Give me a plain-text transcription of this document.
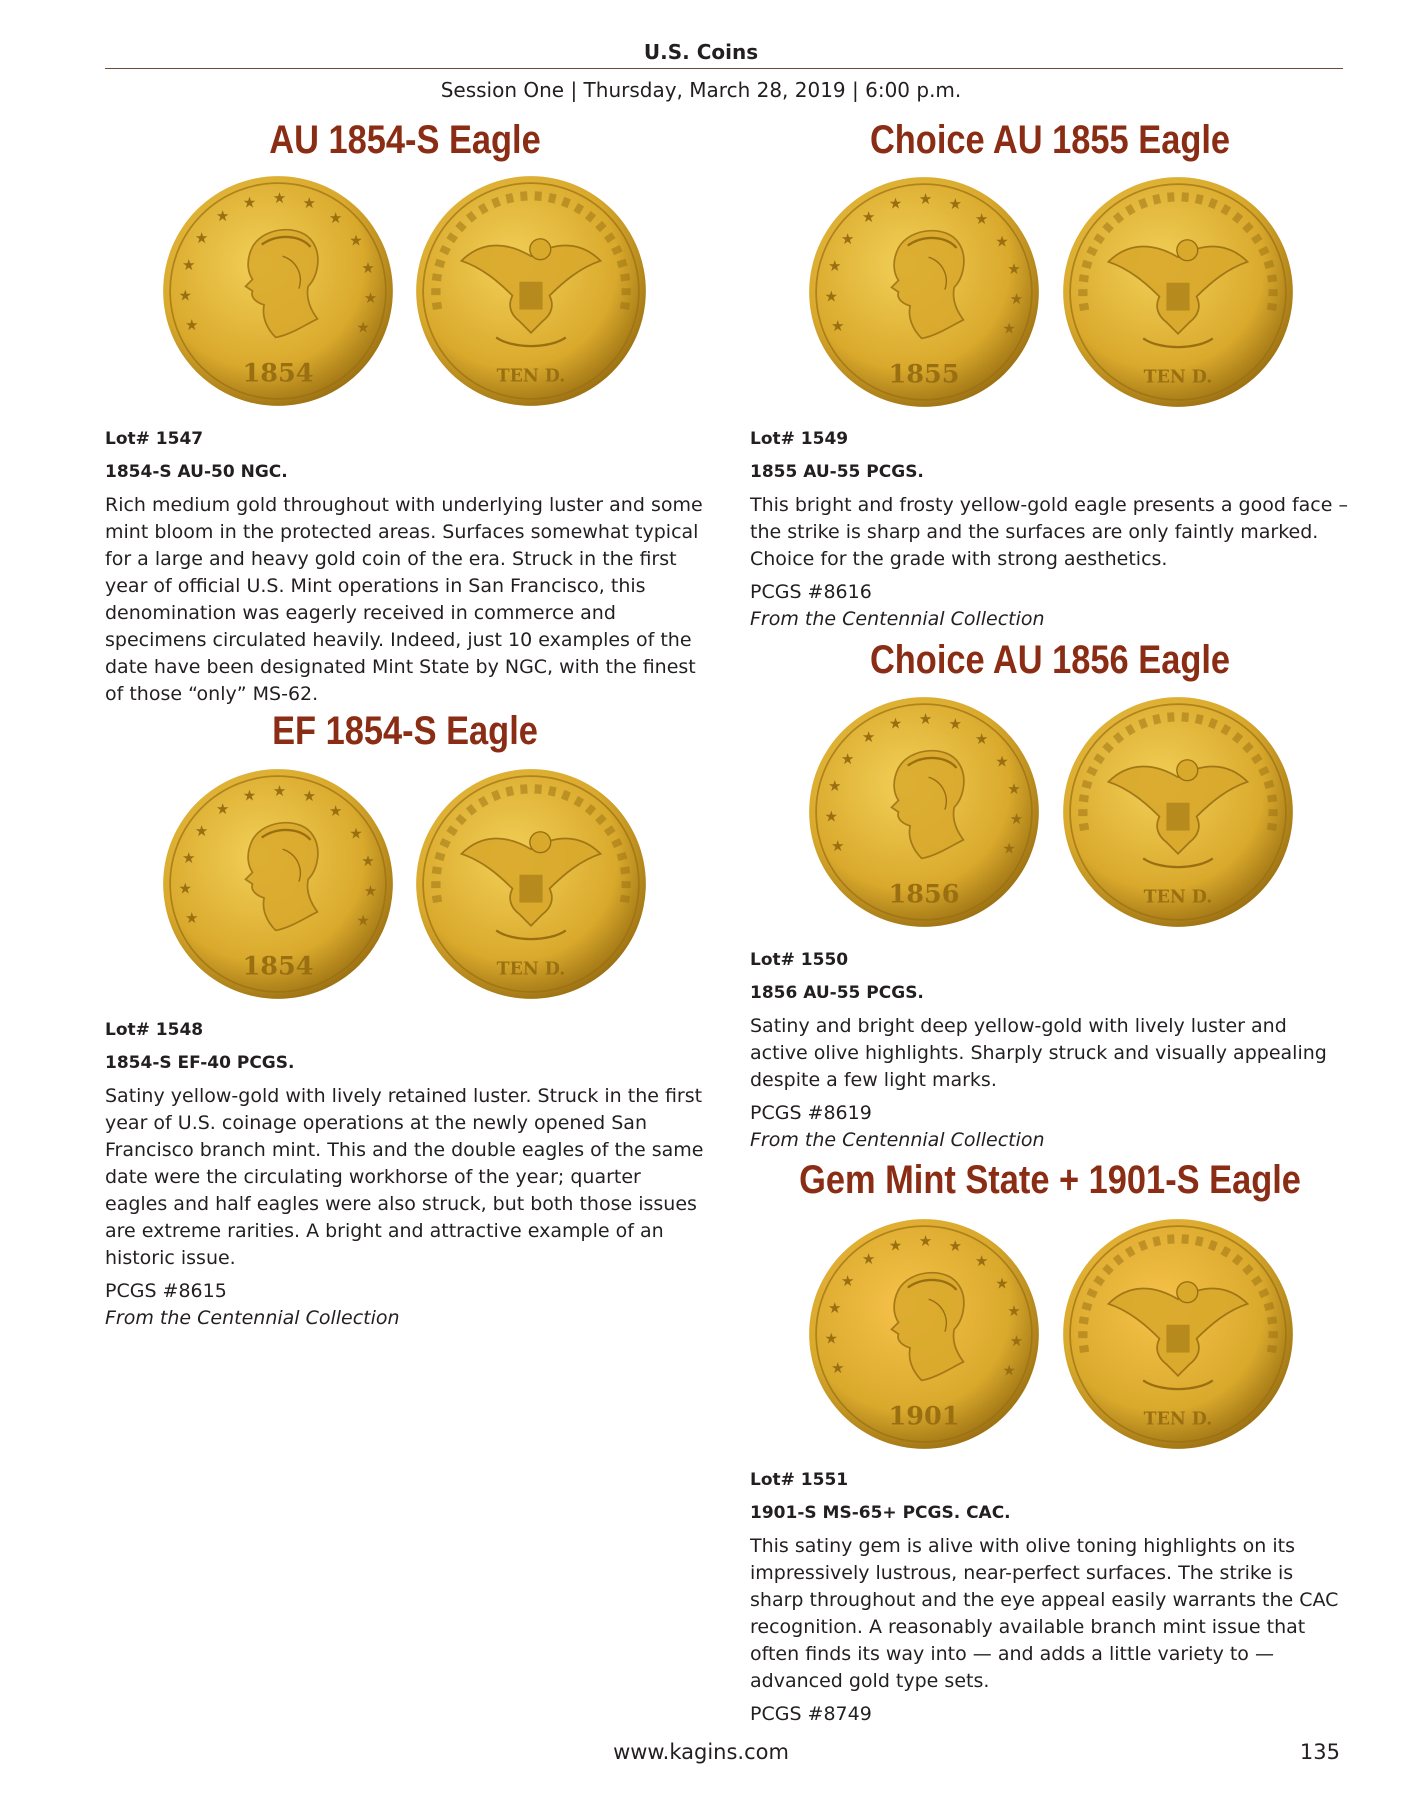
U.S. Coins
Session One | Thursday, March 28, 2019 | 6:00 p.m.
AU 1854-S Eagle
★
★
★
★
★
★ ★ ★
★
★
★
★
★
1854	TEN D.
Lot# 1547
1854-S AU-50 NGC.
Rich medium gold throughout with underlying luster and some mint bloom in the protected areas. Surfaces somewhat typical for a large and heavy gold coin of the era. Struck in the first year of official U.S. Mint operations in San Francisco, this denomination was eagerly received in commerce and specimens circulated heavily. Indeed, just 10 examples of the date have been designated Mint State by NGC, with the finest of those “only” MS-62.
EF 1854-S Eagle
★
★
★
★
★
★ ★ ★
★
★
★
★
★
1854	TEN D.
Lot# 1548
1854-S EF-40 PCGS.
Satiny yellow-gold with lively retained luster. Struck in the first year of U.S. coinage operations at the newly opened San Francisco branch mint. This and the double eagles of the same date were the circulating workhorse of the year; quarter eagles and half eagles were also struck, but both those issues are extreme rarities. A bright and attractive example of an historic issue.
PCGS #8615
From the Centennial Collection
Choice AU 1855 Eagle
★
★
★
★
★
★ ★ ★
★
★
★
★
★
1855	TEN D.
Lot# 1549
1855 AU-55 PCGS.
This bright and frosty yellow-gold eagle presents a good face – the strike is sharp and the surfaces are only faintly marked. Choice for the grade with strong aesthetics.
PCGS #8616
From the Centennial Collection
Choice AU 1856 Eagle
★
★
★
★
★
★ ★ ★
★
★
★
★
★
1856	TEN D.
Lot# 1550
1856 AU-55 PCGS.
Satiny and bright deep yellow-gold with lively luster and active olive highlights. Sharply struck and visually appealing despite a few light marks.
PCGS #8619
From the Centennial Collection
Gem Mint State + 1901-S Eagle
★
★
★
★
★
★ ★ ★
★
★
★
★
★
1901	TEN D.
Lot# 1551
1901-S MS-65+ PCGS. CAC.
This satiny gem is alive with olive toning highlights on its impressively lustrous, near-perfect surfaces. The strike is sharp throughout and the eye appeal easily warrants the CAC recognition. A reasonably available branch mint issue that often finds its way into — and adds a little variety to — advanced gold type sets.
PCGS #8749
www.kagins.com	135
